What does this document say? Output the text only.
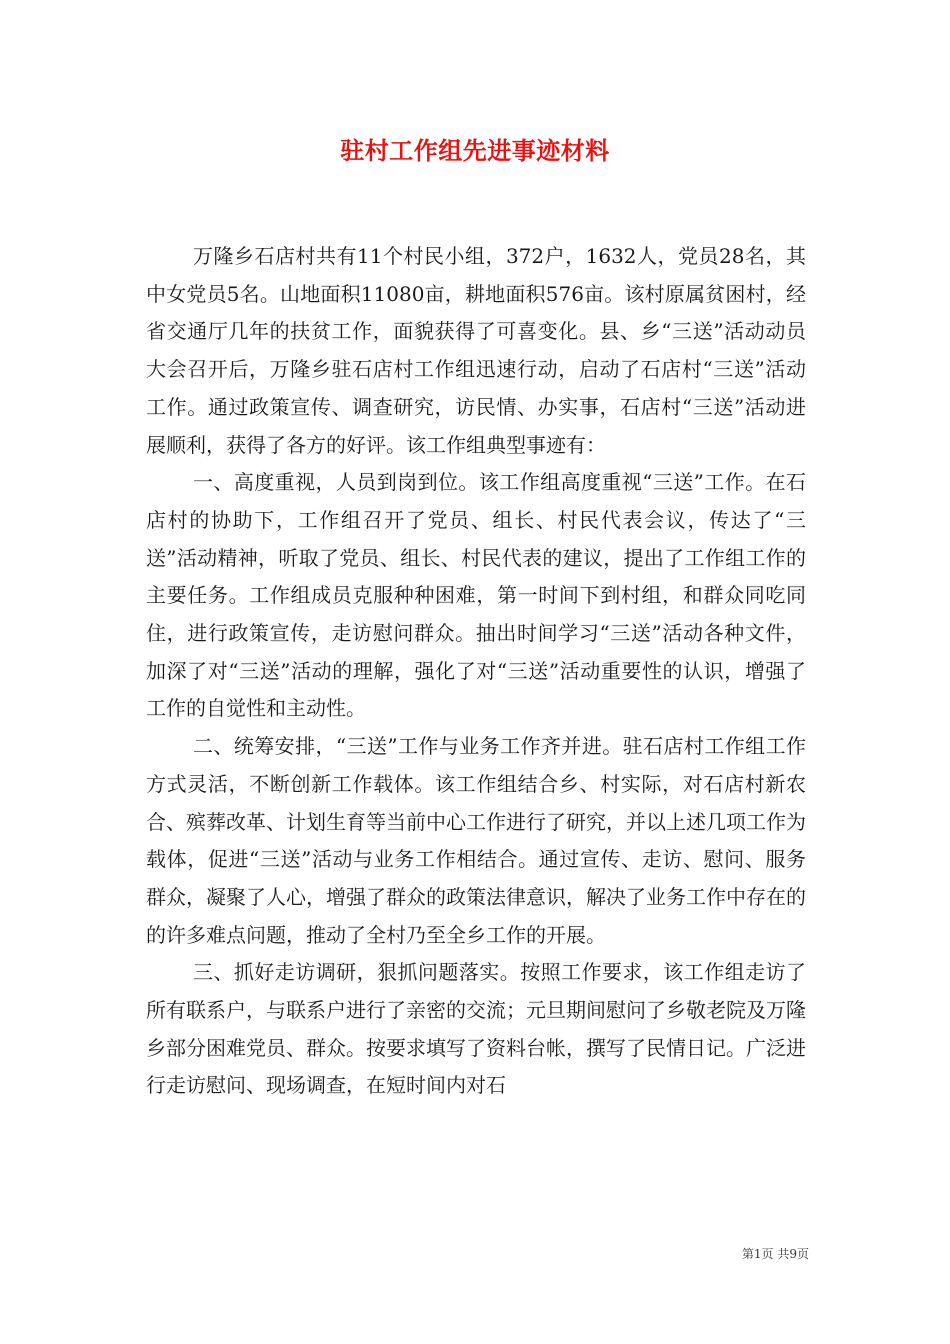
驻村工作组先进事迹材料

万隆乡石店村共有11个村民小组，372户，1632人，党员28名，其中女党员5名。山地面积11080亩，耕地面积576亩。该村原属贫困村，经省交通厅几年的扶贫工作，面貌获得了可喜变化。县、乡“三送”活动动员大会召开后，万隆乡驻石店村工作组迅速行动，启动了石店村“三送”活动工作。通过政策宣传、调查研究，访民情、办实事，石店村“三送”活动进展顺利，获得了各方的好评。该工作组典型事迹有：

一、高度重视，人员到岗到位。该工作组高度重视“三送”工作。在石店村的协助下，工作组召开了党员、组长、村民代表会议，传达了“三送”活动精神，听取了党员、组长、村民代表的建议，提出了工作组工作的主要任务。工作组成员克服种种困难，第一时间下到村组，和群众同吃同住，进行政策宣传，走访慰问群众。抽出时间学习“三送”活动各种文件，加深了对“三送”活动的理解，强化了对“三送”活动重要性的认识，增强了工作的自觉性和主动性。

二、统筹安排，“三送”工作与业务工作齐并进。驻石店村工作组工作方式灵活，不断创新工作载体。该工作组结合乡、村实际，对石店村新农合、殡葬改革、计划生育等当前中心工作进行了研究，并以上述几项工作为载体，促进“三送”活动与业务工作相结合。通过宣传、走访、慰问、服务群众，凝聚了人心，增强了群众的政策法律意识，解决了业务工作中存在的的许多难点问题，推动了全村乃至全乡工作的开展。

三、抓好走访调研，狠抓问题落实。按照工作要求，该工作组走访了所有联系户，与联系户进行了亲密的交流；元旦期间慰问了乡敬老院及万隆乡部分困难党员、群众。按要求填写了资料台帐，撰写了民情日记。广泛进行走访慰问、现场调查，在短时间内对石

第1页 共9页
